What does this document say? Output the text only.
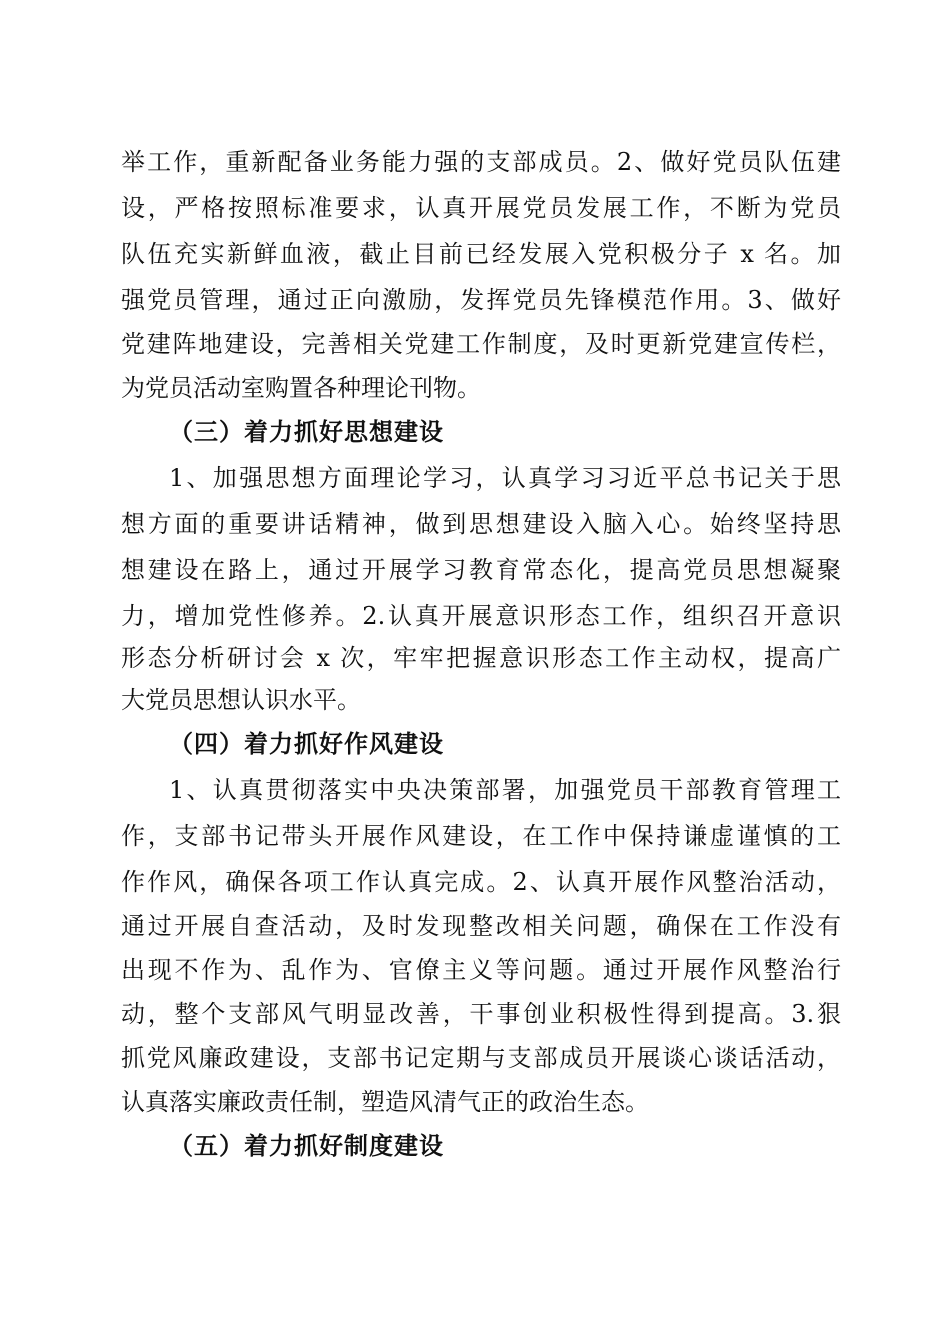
举工作，重新配备业务能力强的支部成员。2、做好党员队伍建
设，严格按照标准要求，认真开展党员发展工作，不断为党员
队伍充实新鲜血液，截止目前已经发展入党积极分子 x 名。加
强党员管理，通过正向激励，发挥党员先锋模范作用。3、做好
党建阵地建设，完善相关党建工作制度，及时更新党建宣传栏，
为党员活动室购置各种理论刊物。
（三）着力抓好思想建设
1、加强思想方面理论学习，认真学习习近平总书记关于思
想方面的重要讲话精神，做到思想建设入脑入心。始终坚持思
想建设在路上，通过开展学习教育常态化，提高党员思想凝聚
力，增加党性修养。2.认真开展意识形态工作，组织召开意识
形态分析研讨会 x 次，牢牢把握意识形态工作主动权，提高广
大党员思想认识水平。
（四）着力抓好作风建设
1、认真贯彻落实中央决策部署，加强党员干部教育管理工
作，支部书记带头开展作风建设，在工作中保持谦虚谨慎的工
作作风，确保各项工作认真完成。2、认真开展作风整治活动，
通过开展自查活动，及时发现整改相关问题，确保在工作没有
出现不作为、乱作为、官僚主义等问题。通过开展作风整治行
动，整个支部风气明显改善，干事创业积极性得到提高。3.狠
抓党风廉政建设，支部书记定期与支部成员开展谈心谈话活动，
认真落实廉政责任制，塑造风清气正的政治生态。
（五）着力抓好制度建设
